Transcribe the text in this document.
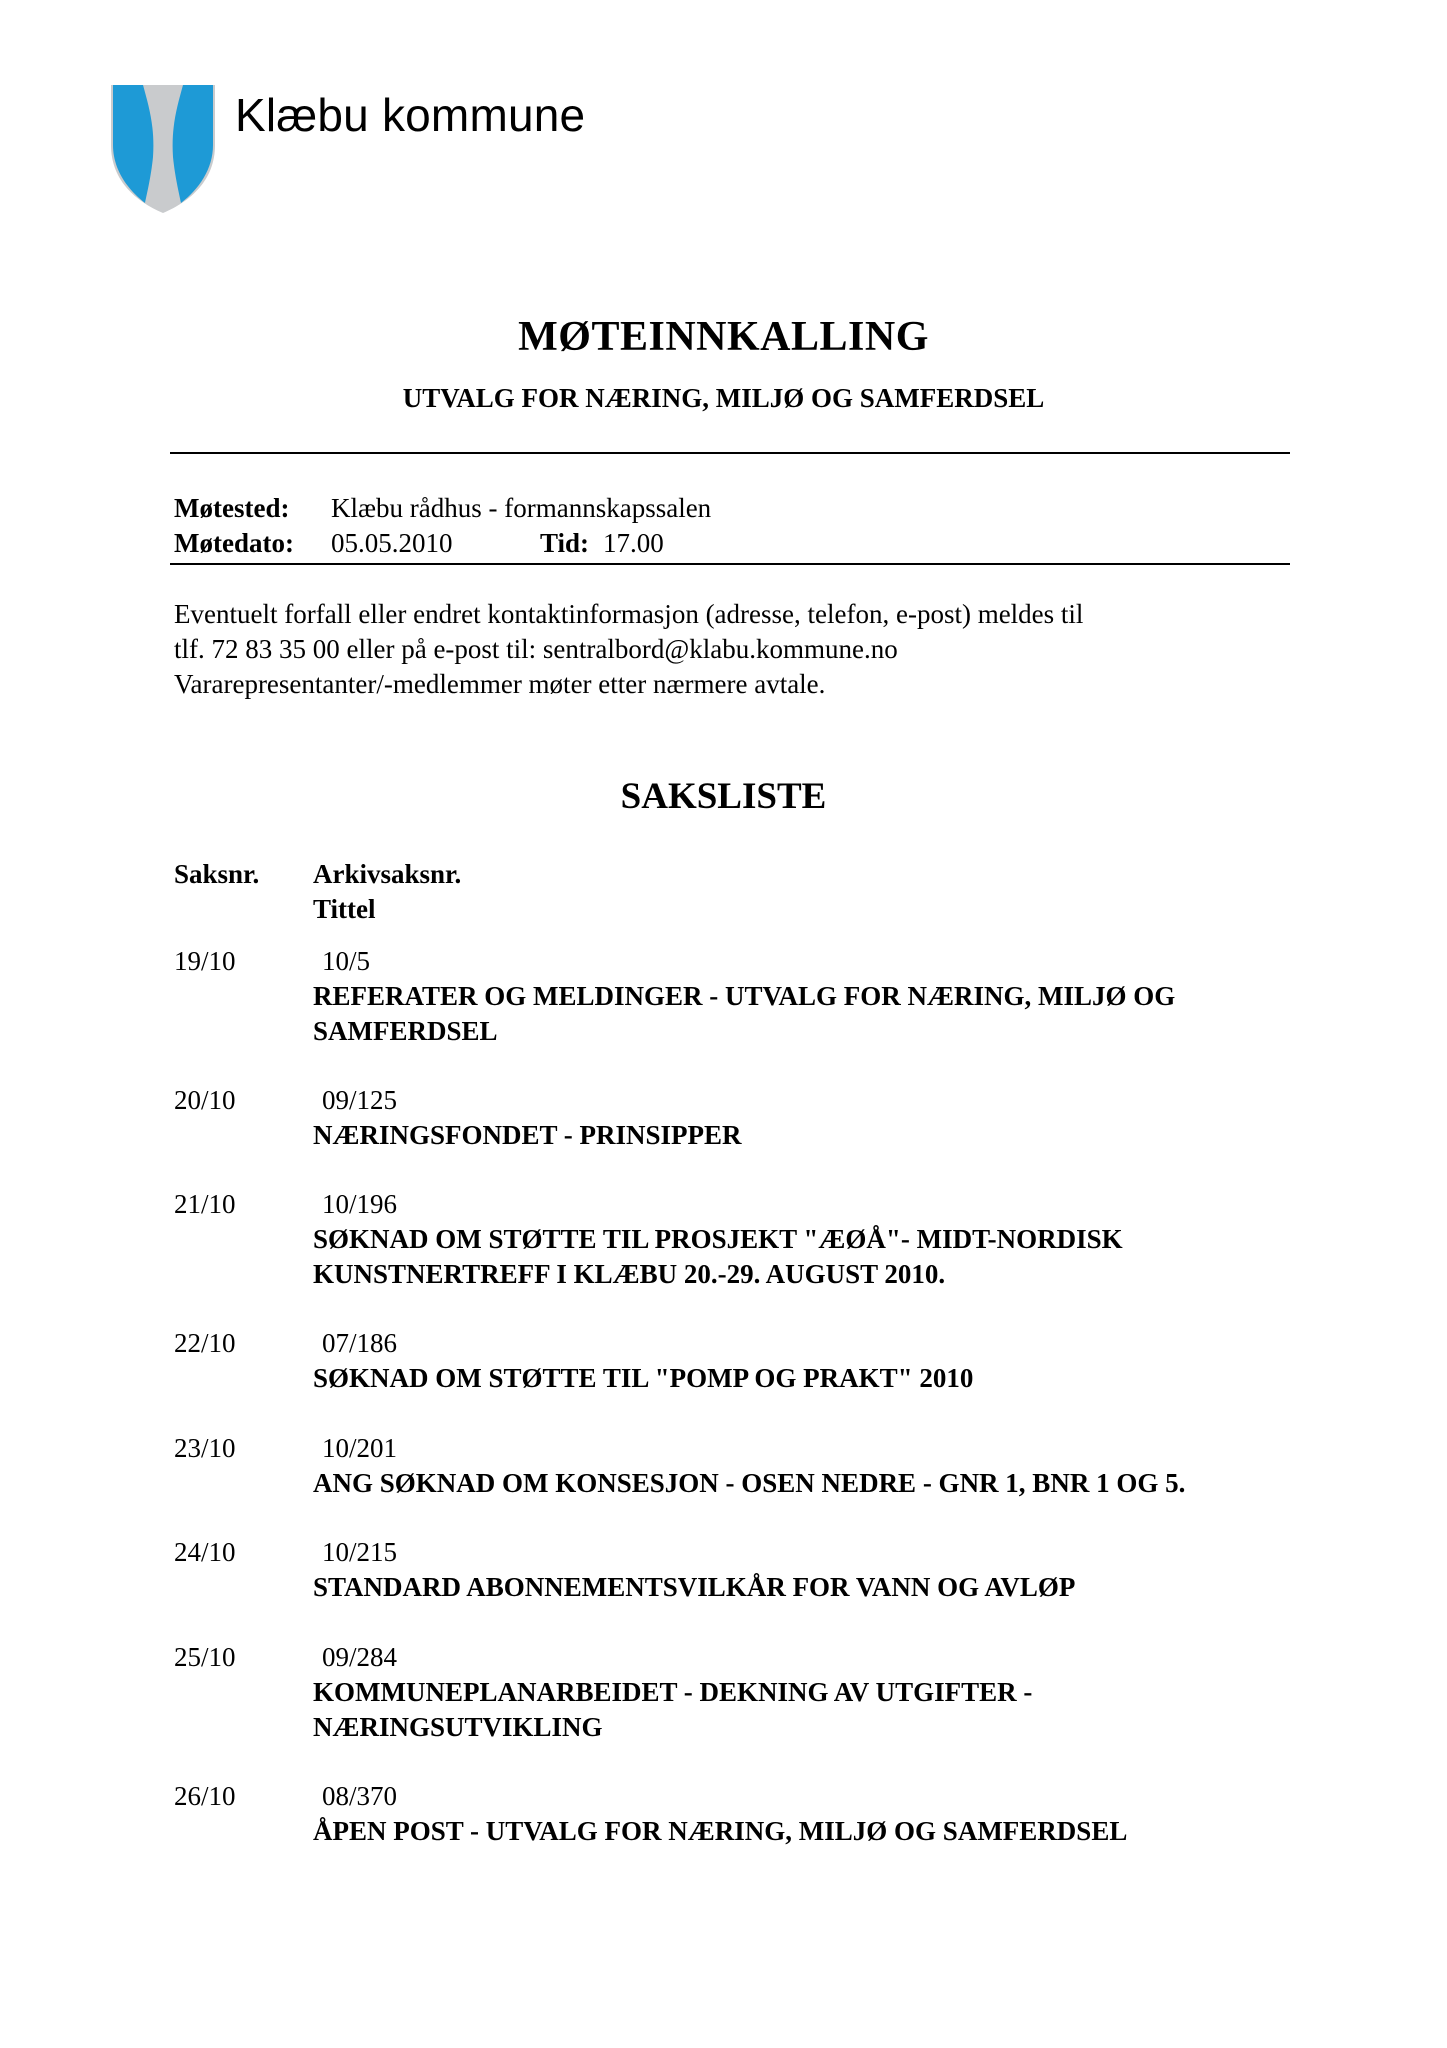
Klæbu kommune
MØTEINNKALLING
UTVALG FOR NÆRING, MILJØ OG SAMFERDSEL
Møtested: Klæbu rådhus - formannskapssalen
Møtedato: 05.05.2010	Tid: 17.00
Eventuelt forfall eller endret kontaktinformasjon (adresse, telefon, e-post) meldes til
tlf. 72 83 35 00 eller på e-post til: sentralbord@klabu.kommune.no
Vararepresentanter/-medlemmer møter etter nærmere avtale.
SAKSLISTE
Saksnr. Arkivsaksnr.
Tittel
19/10	10/5
REFERATER OG MELDINGER - UTVALG FOR NÆRING, MILJØ OG
SAMFERDSEL
20/10	09/125
NÆRINGSFONDET - PRINSIPPER
21/10	10/196
SØKNAD OM STØTTE TIL PROSJEKT "ÆØÅ"- MIDT-NORDISK
KUNSTNERTREFF I KLÆBU 20.-29. AUGUST 2010.
22/10	07/186
SØKNAD OM STØTTE TIL "POMP OG PRAKT" 2010
23/10	10/201
ANG SØKNAD OM KONSESJON - OSEN NEDRE - GNR 1, BNR 1 OG 5.
24/10	10/215
STANDARD ABONNEMENTSVILKÅR FOR VANN OG AVLØP
25/10	09/284
KOMMUNEPLANARBEIDET - DEKNING AV UTGIFTER -
NÆRINGSUTVIKLING
26/10	08/370
ÅPEN POST - UTVALG FOR NÆRING, MILJØ OG SAMFERDSEL
